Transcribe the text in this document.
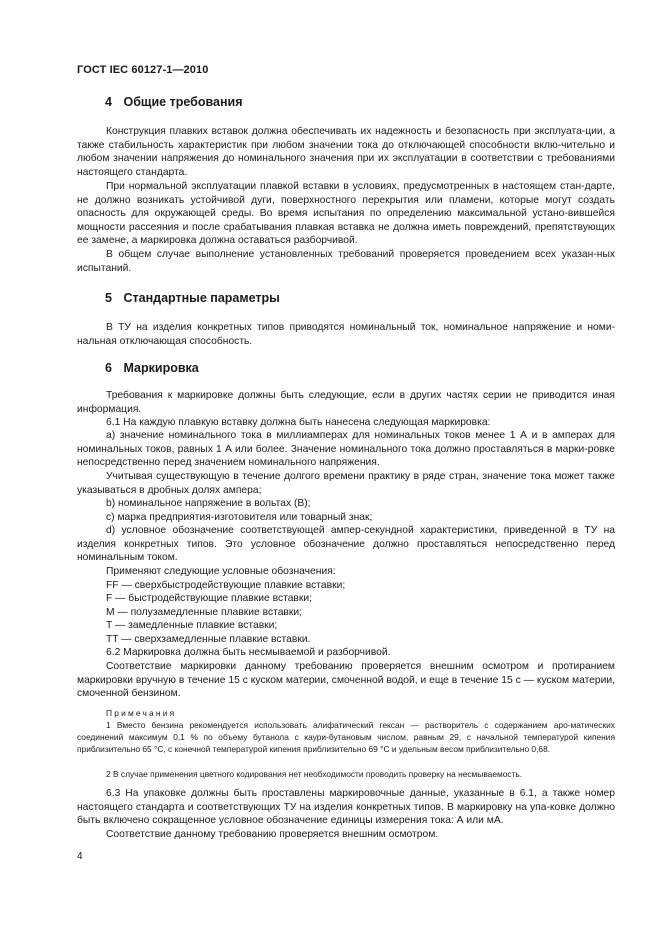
ГОСТ IEC 60127-1—2010
4 Общие требования
Конструкция плавких вставок должна обеспечивать их надежность и безопасность при эксплуата-ции, а также стабильность характеристик при любом значении тока до отключающей способности вклю-чительно и любом значении напряжения до номинального значения при их эксплуатации в соответствии с требованиями настоящего стандарта.
При нормальной эксплуатации плавкой вставки в условиях, предусмотренных в настоящем стан-дарте, не должно возникать устойчивой дуги, поверхностного перекрытия или пламени, которые могут создать опасность для окружающей среды. Во время испытания по определению максимальной устано-вившейся мощности рассеяния и после срабатывания плавкая вставка не должна иметь повреждений, препятствующих ее замене, а маркировка должна оставаться разборчивой.
В общем случае выполнение установленных требований проверяется проведением всех указан-ных испытаний.
5 Стандартные параметры
В ТУ на изделия конкретных типов приводятся номинальный ток, номинальное напряжение и номи-нальная отключающая способность.
6 Маркировка
Требования к маркировке должны быть следующие, если в других частях серии не приводится иная информация.
6.1 На каждую плавкую вставку должна быть нанесена следующая маркировка:
a) значение номинального тока в миллиамперах для номинальных токов менее 1 А и в амперах для номинальных токов, равных 1 А или более. Значение номинального тока должно проставляться в марки-ровке непосредственно перед значением номинального напряжения.
Учитывая существующую в течение долгого времени практику в ряде стран, значение тока может также указываться в дробных долях ампера;
b) номинальное напряжение в вольтах (В);
c) марка предприятия-изготовителя или товарный знак;
d) условное обозначение соответствующей ампер-секундной характеристики, приведенной в ТУ на изделия конкретных типов. Это условное обозначение должно проставляться непосредственно перед номинальным током.
Применяют следующие условные обозначения:
FF — сверхбыстродействующие плавкие вставки;
F — быстродействующие плавкие вставки;
M — полузамедленные плавкие вставки;
T — замедленные плавкие вставки;
TT — сверхзамедленные плавкие вставки.
6.2 Маркировка должна быть несмываемой и разборчивой.
Соответствие маркировки данному требованию проверяется внешним осмотром и протиранием маркировки вручную в течение 15 с куском материи, смоченной водой, и еще в течение 15 с — куском материи, смоченной бензином.
Примечания
1 Вместо бензина рекомендуется использовать алифатический гексан — растворитель с содержанием аро-матических соединений максимум 0,1 % по объему бутанола с каури-бутановым числом, равным 29, с начальной температурой кипения приблизительно 65 °С, с конечной температурой кипения приблизительно 69 °С и удельным весом приблизительно 0,68.
2 В случае применения цветного кодирования нет необходимости проводить проверку на несмываемость.
6.3 На упаковке должны быть проставлены маркировочные данные, указанные в 6.1, а также номер настоящего стандарта и соответствующих ТУ на изделия конкретных типов. В маркировку на упа-ковке должно быть включено сокращенное условное обозначение единицы измерения тока: А или мА.
Соответствие данному требованию проверяется внешним осмотром.
4
